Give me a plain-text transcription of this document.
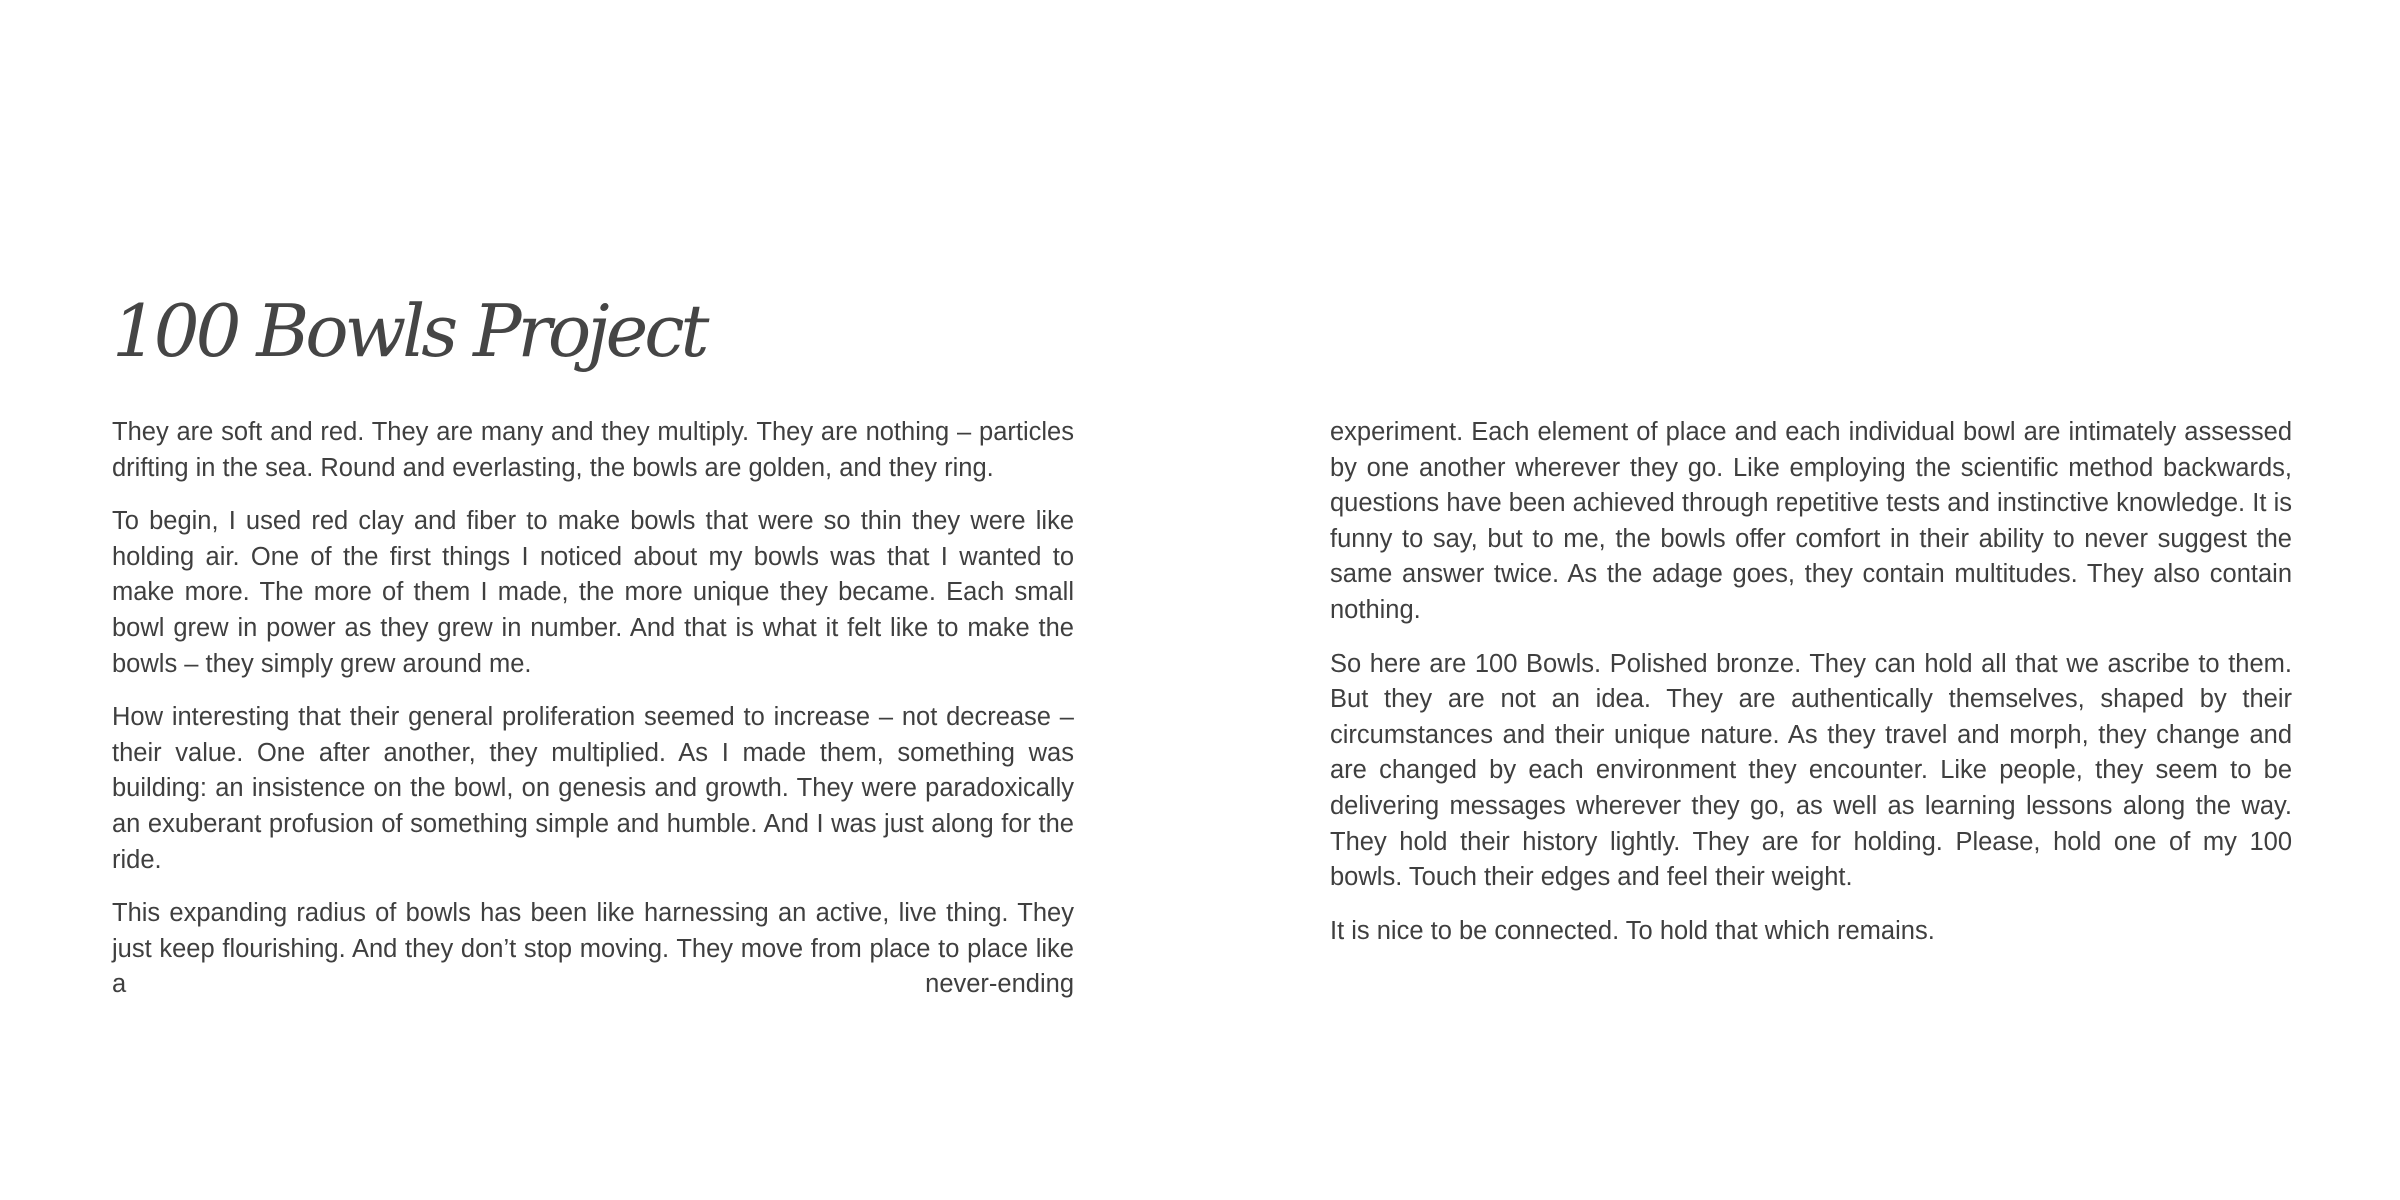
100 Bowls Project

They are soft and red. They are many and they multiply. They are nothing – particles drifting in the sea. Round and everlasting, the bowls are golden, and they ring.

To begin, I used red clay and fiber to make bowls that were so thin they were like holding air. One of the first things I noticed about my bowls was that I wanted to make more. The more of them I made, the more unique they became. Each small bowl grew in power as they grew in number. And that is what it felt like to make the bowls – they simply grew around me.

How interesting that their general proliferation seemed to increase – not decrease – their value. One after another, they multiplied. As I made them, something was building: an insistence on the bowl, on genesis and growth. They were paradoxically an exuberant profusion of something simple and humble. And I was just along for the ride.

This expanding radius of bowls has been like harnessing an active, live thing. They just keep flourishing. And they don’t stop moving. They move from place to place like a never-ending

experiment. Each element of place and each individual bowl are intimately assessed by one another wherever they go. Like employing the scientific method backwards, questions have been achieved through repetitive tests and instinctive knowledge. It is funny to say, but to me, the bowls offer comfort in their ability to never suggest the same answer twice. As the adage goes, they contain multitudes. They also contain nothing.

So here are 100 Bowls. Polished bronze. They can hold all that we ascribe to them. But they are not an idea. They are authentically themselves, shaped by their circumstances and their unique nature. As they travel and morph, they change and are changed by each environment they encounter. Like people, they seem to be delivering messages wherever they go, as well as learning lessons along the way. They hold their history lightly. They are for holding. Please, hold one of my 100 bowls. Touch their edges and feel their weight.

It is nice to be connected. To hold that which remains.
